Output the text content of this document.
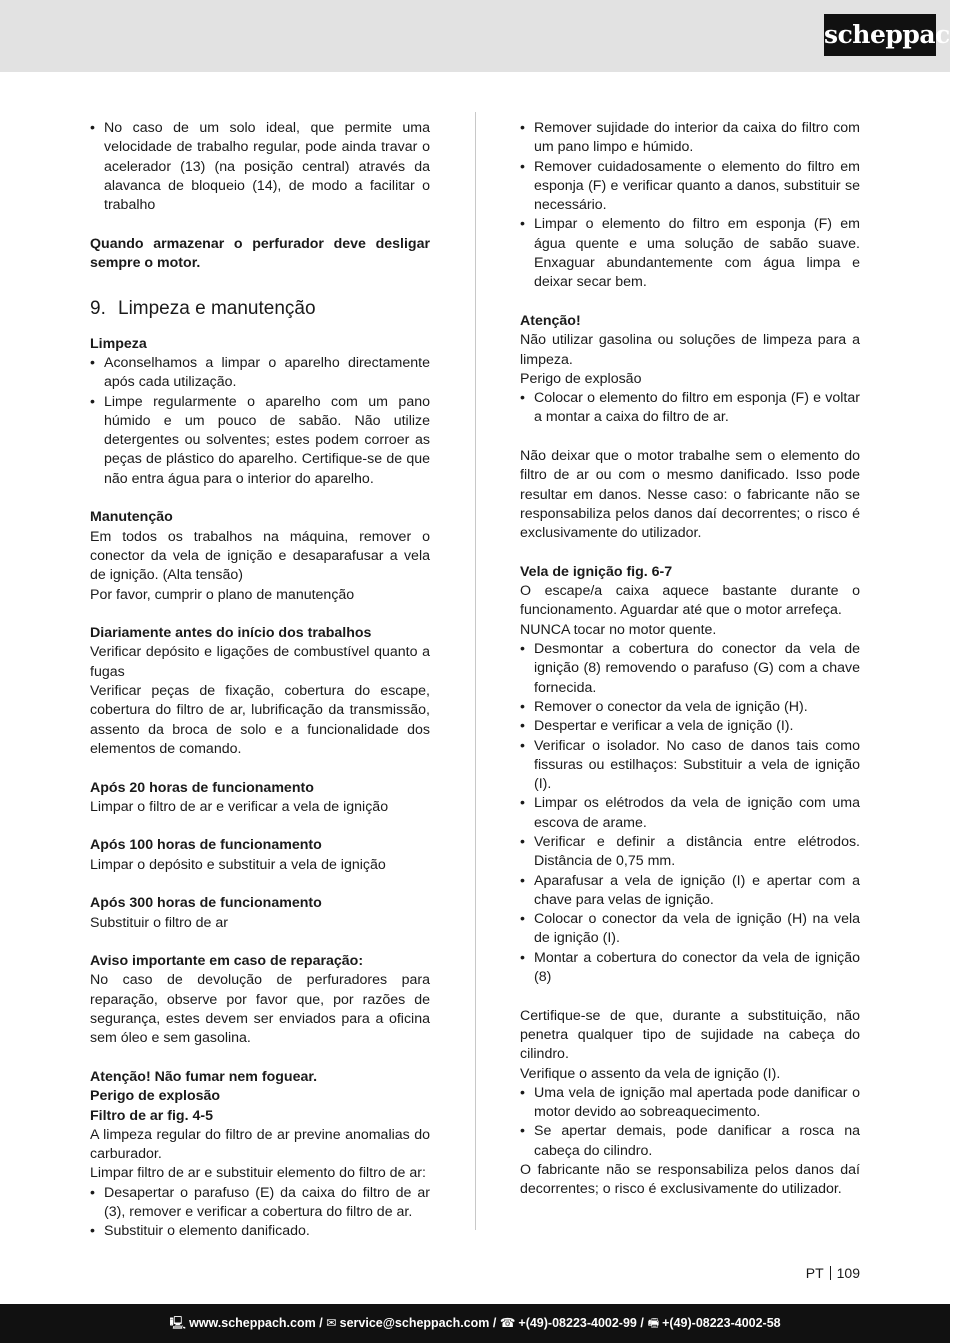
scheppach
• No caso de um solo ideal, que permite uma velocidade de trabalho regular, pode ainda travar o acelerador (13) (na posição central) através da alavanca de bloqueio (14), de modo a facilitar o trabalho
Quando armazenar o perfurador deve desligar sempre o motor.
9. Limpeza e manutenção
Limpeza
• Aconselhamos a limpar o aparelho directamente após cada utilização.
• Limpe regularmente o aparelho com um pano húmido e um pouco de sabão. Não utilize detergentes ou solventes; estes podem corroer as peças de plástico do aparelho. Certifique-se de que não entra água para o interior do aparelho.
Manutenção
Em todos os trabalhos na máquina, remover o conector da vela de ignição e desaparafusar a vela de ignição. (Alta tensão)
Por favor, cumprir o plano de manutenção
Diariamente antes do início dos trabalhos
Verificar depósito e ligações de combustível quanto a fugas
Verificar peças de fixação, cobertura do escape, cobertura do filtro de ar, lubrificação da transmissão, assento da broca de solo e a funcionalidade dos elementos de comando.
Após 20 horas de funcionamento
Limpar o filtro de ar e verificar a vela de ignição
Após 100 horas de funcionamento
Limpar o depósito e substituir a vela de ignição
Após 300 horas de funcionamento
Substituir o filtro de ar
Aviso importante em caso de reparação:
No caso de devolução de perfuradores para reparação, observe por favor que, por razões de segurança, estes devem ser enviados para a oficina sem óleo e sem gasolina.
Atenção! Não fumar nem foguear.
Perigo de explosão
Filtro de ar fig. 4-5
A limpeza regular do filtro de ar previne anomalias do carburador.
Limpar filtro de ar e substituir elemento do filtro de ar:
• Desapertar o parafuso (E) da caixa do filtro de ar (3), remover e verificar a cobertura do filtro de ar.
• Substituir o elemento danificado.
• Remover sujidade do interior da caixa do filtro com um pano limpo e húmido.
• Remover cuidadosamente o elemento do filtro em esponja (F) e verificar quanto a danos, substituir se necessário.
• Limpar o elemento do filtro em esponja (F) em água quente e uma solução de sabão suave. Enxaguar abundantemente com água limpa e deixar secar bem.
Atenção!
Não utilizar gasolina ou soluções de limpeza para a limpeza.
Perigo de explosão
• Colocar o elemento do filtro em esponja (F) e voltar a montar a caixa do filtro de ar.
Não deixar que o motor trabalhe sem o elemento do filtro de ar ou com o mesmo danificado. Isso pode resultar em danos. Nesse caso: o fabricante não se responsabiliza pelos danos daí decorrentes; o risco é exclusivamente do utilizador.
Vela de ignição fig. 6-7
O escape/a caixa aquece bastante durante o funcionamento. Aguardar até que o motor arrefeça.
NUNCA tocar no motor quente.
• Desmontar a cobertura do conector da vela de ignição (8) removendo o parafuso (G) com a chave fornecida.
• Remover o conector da vela de ignição (H).
• Despertar e verificar a vela de ignição (I).
• Verificar o isolador. No caso de danos tais como fissuras ou estilhaços: Substituir a vela de ignição (I).
• Limpar os elétrodos da vela de ignição com uma escova de arame.
• Verificar e definir a distância entre elétrodos. Distância de 0,75 mm.
• Aparafusar a vela de ignição (I) e apertar com a chave para velas de ignição.
• Colocar o conector da vela de ignição (H) na vela de ignição (I).
• Montar a cobertura do conector da vela de ignição (8)
Certifique-se de que, durante a substituição, não penetra qualquer tipo de sujidade na cabeça do cilindro.
Verifique o assento da vela de ignição (I).
• Uma vela de ignição mal apertada pode danificar o motor devido ao sobreaquecimento.
• Se apertar demais, pode danificar a rosca na cabeça do cilindro.
O fabricante não se responsabiliza pelos danos daí decorrentes; o risco é exclusivamente do utilizador.
PT 109
🖳 www.scheppach.com / ✉ service@scheppach.com / ☎ +(49)-08223-4002-99 / 🖷 +(49)-08223-4002-58
